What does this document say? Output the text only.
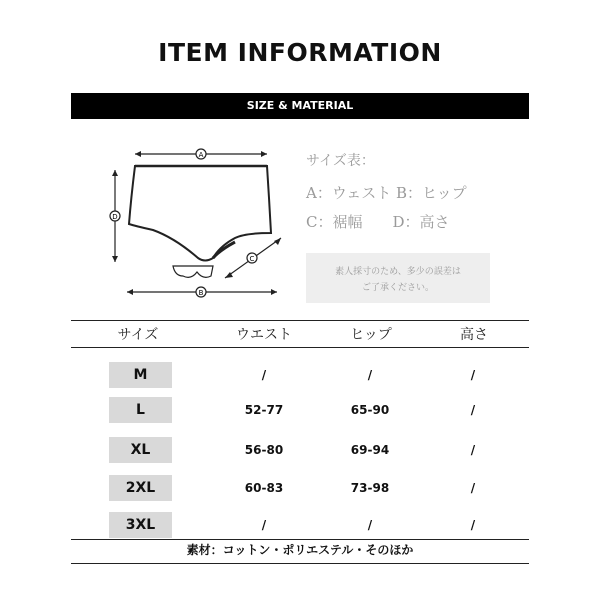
ITEM INFORMATION
SIZE & MATERIAL
A
B
C
D
サイズ表：
A：ウェスト B：ヒップ
C：裾幅　　D：高さ
素人採寸のため、多少の誤差は
ご了承ください。
サイズ	ウエスト	ヒップ	高さ
M	/	/	/
L	52-77	65-90	/
XL	56-80	69-94	/
2XL	60-83	73-98	/
3XL	/	/	/
素材：コットン・ポリエステル・そのほか
